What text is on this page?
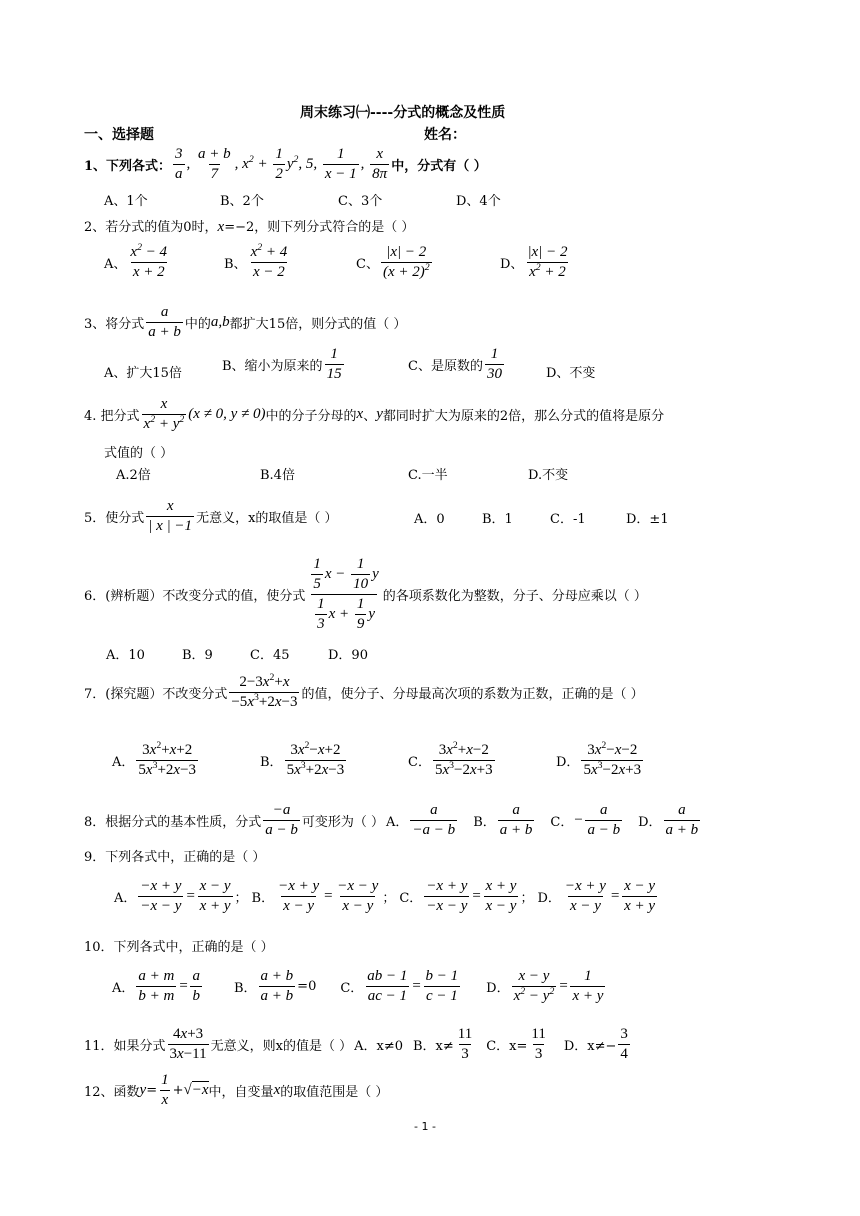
周末练习㈠----分式的概念及性质
一、选择题	姓名：
1、下列各式： $\frac{3}{a}$ , $\frac{a + b}{7}$ , $x^2 + \frac{1}{2} y^2$, 5, $\frac{1}{x - 1}$ , $\frac{x}{8\pi}$ 中，分式有（ ）
A、1个	B、2个	C、3个	D、4个
2、若分式的值为0时，x=−2，则下列分式符合的是（ ）
A、 $\frac{x^2 - 4}{x + 2}$	B、 $\frac{x^2 + 4}{x - 2}$	C、 $\frac{|x| - 2}{(x + 2)^2}$	D、 $\frac{|x| - 2}{x^2 + 2}$
3、将分式 $\frac{a}{a + b}$ 中的 a,b 都扩大15倍，则分式的值（ ）
A、扩大15倍	B、缩小为原来的 $\frac{1}{15}$	C、是原数的 $\frac{1}{30}$	D、不变
4. 把分式 $\frac{x}{x^2 + y^2} (x \ne 0$, y ≠ 0) 中的分子分母的 x 、 y 都同时扩大为原来的2倍，那么分式的值将是原分
式值的（ ）
A.2倍	B.4倍	C.一半	D.不变
5．使分式 $\frac{x}{| x | -1}$ 无意义，x的取值是（ ）	A．0	B．1	C．-1	D．±1
6．(辨析题）不改变分式的值，使分式 $\frac{\frac{1}{5} x - \frac{1}{10} y}{\frac{1}{3} x + \frac{1}{9} y}$ 的各项系数化为整数，分子、分母应乘以（ ）
A．10	B．9	C．45	D．90
7．(探究题）不改变分式 $\frac{2-3x^2+x}{-5x^3+2x-3}$ 的值，使分子、分母最高次项的系数为正数，正确的是（ ）
A． $\frac{3x^2+x+2}{5x^3+2x-3}$	B． $\frac{3x^2-x+2}{5x^3+2x-3}$	C． $\frac{3x^2+x-2}{5x^3-2x+3}$	D． $\frac{3x^2-x-2}{5x^3-2x+3}$
8．根据分式的基本性质，分式 $\frac{-a}{a - b}$ 可变形为（ ） A． $\frac{a}{-a - b}$ B． $\frac{a}{a + b}$ C． − $\frac{a}{a - b}$ D． $\frac{a}{a + b}$
9．下列各式中，正确的是（ ）
A． $\frac{-x + y}{-x - y} = \frac{x - y}{x + y}$ ； B． $\frac{-x + y}{x - y} = \frac{-x - y}{x - y}$ ； C． $\frac{-x + y}{-x - y} = \frac{x + y}{x - y}$ ； D． $\frac{-x + y}{x - y} = \frac{x - y}{x + y}$
10．下列各式中，正确的是（ ）
A． $\frac{a + m}{b + m} = \frac{a}{b}$ B． $\frac{a + b}{a + b} =0$ C． $\frac{ab - 1}{ac - 1} = \frac{b - 1}{c - 1}$ D． $\frac{x - y}{x^2 - y^2} = \frac{1}{x + y}$
11．如果分式 $\frac{4x+3}{3x-11}$ 无意义，则x的值是（ ） A．x≠0 B．$x\ne \frac{11}{3}$ C．$x= \frac{11}{3}$ D．$x\ne- \frac{3}{4}$
12、函数 $y = \frac{1}{x} + √-x$ 中，自变量 x 的取值范围是（ ）
- 1 -
